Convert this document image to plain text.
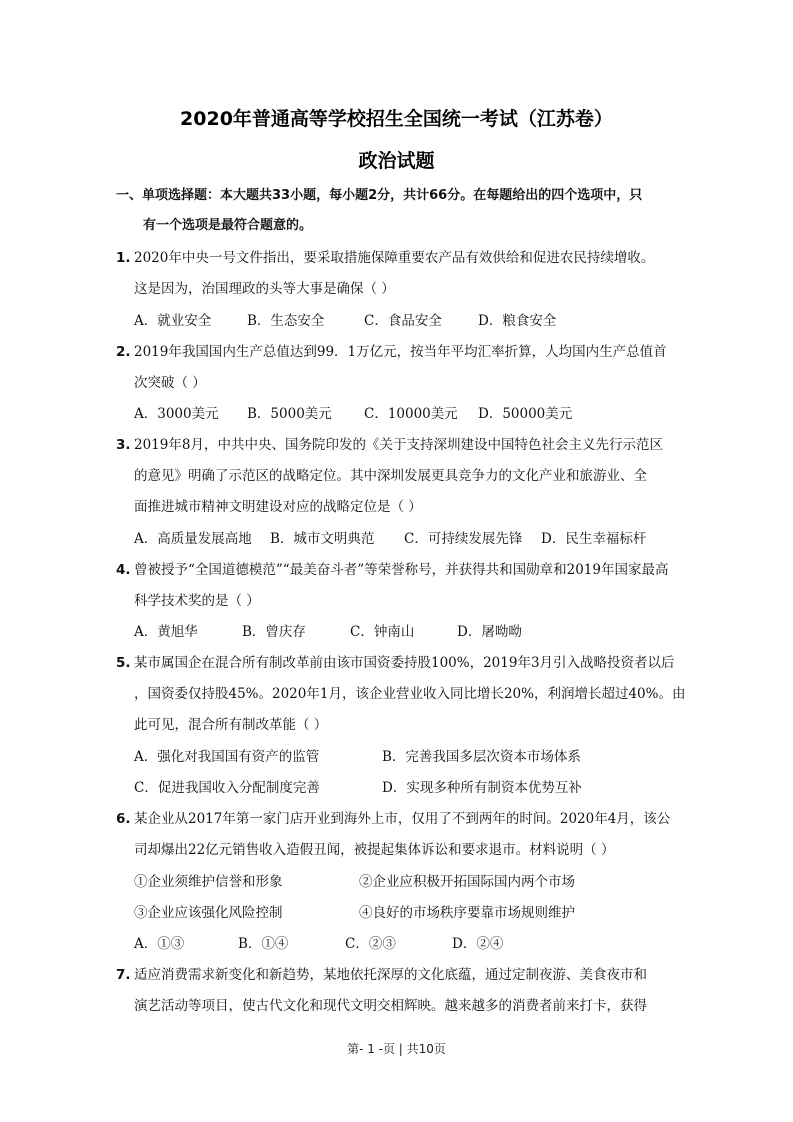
2020年普通高等学校招生全国统一考试（江苏卷）
政治试题
一、单项选择题：本大题共33小题，每小题2分，共计66分。在每题给出的四个选项中，只
有一个选项是最符合题意的。
1. 2020年中央一号文件指出，要采取措施保障重要农产品有效供给和促进农民持续增收。
这是因为，治国理政的头等大事是确保（ ）
A．就业安全	B．生态安全	C．食品安全	D．粮食安全
2. 2019年我国国内生产总值达到99．1万亿元，按当年平均汇率折算，人均国内生产总值首
次突破（ ）
A．3000美元 B．5000美元 C．10000美元 D．50000美元
3. 2019年8月，中共中央、国务院印发的《关于支持深圳建设中国特色社会主义先行示范区
的意见》明确了示范区的战略定位。其中深圳发展更具竞争力的文化产业和旅游业、全
面推进城市精神文明建设对应的战略定位是（ ）
A．高质量发展高地 B．城市文明典范 C．可持续发展先锋 D．民生幸福标杆
4. 曾被授予“全国道德模范”“最美奋斗者”等荣誉称号，并获得共和国勋章和2019年国家最高
科学技术奖的是（ ）
A．黄旭华	B．曾庆存	C．钟南山	D．屠呦呦
5. 某市属国企在混合所有制改革前由该市国资委持股100%，2019年3月引入战略投资者以后
，国资委仅持股45%。2020年1月，该企业营业收入同比增长20%，利润增长超过40%。由
此可见，混合所有制改革能（ ）
A．强化对我国国有资产的监管	B．完善我国多层次资本市场体系
C．促进我国收入分配制度完善	D．实现多种所有制资本优势互补
6. 某企业从2017年第一家门店开业到海外上市，仅用了不到两年的时间。2020年4月，该公
司却爆出22亿元销售收入造假丑闻，被提起集体诉讼和要求退市。材料说明（ ）
①企业须维护信誉和形象	②企业应积极开拓国际国内两个市场
③企业应该强化风险控制	④良好的市场秩序要靠市场规则维护
A．①③	B．①④	C．②③	D．②④
7. 适应消费需求新变化和新趋势，某地依托深厚的文化底蕴，通过定制夜游、美食夜市和
演艺活动等项目，使古代文化和现代文明交相辉映。越来越多的消费者前来打卡，获得
第- 1 -页 | 共10页
